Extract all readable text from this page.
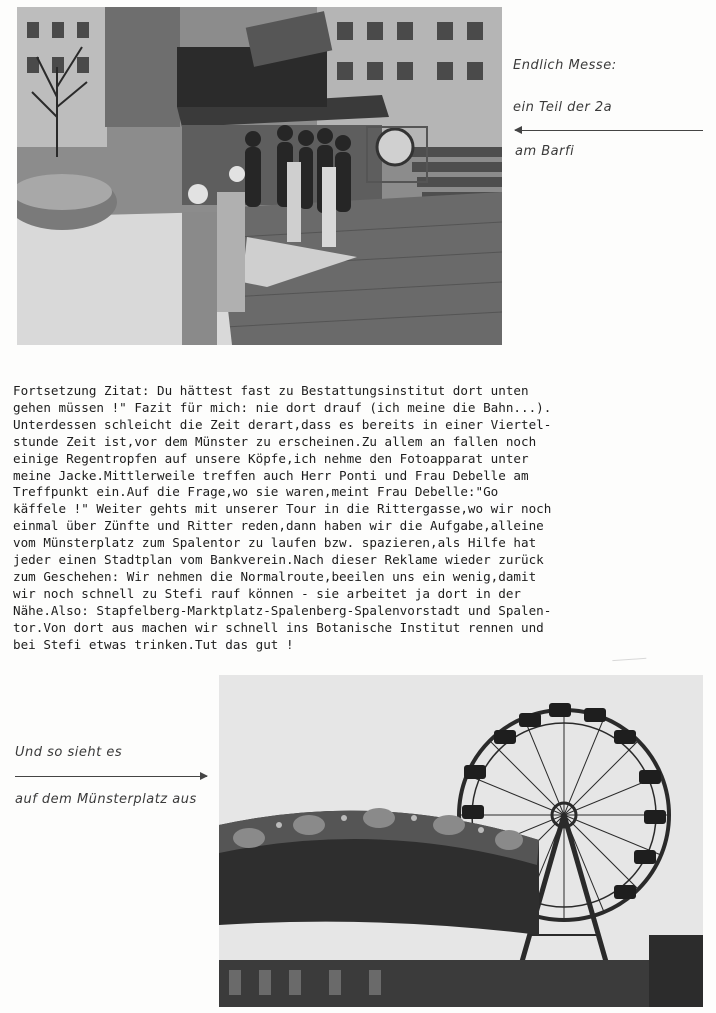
Endlich Messe:
ein Teil der 2a
am Barfi
Fortsetzung Zitat: Du hättest fast zu Bestattungsinstitut dort unten
gehen müssen !" Fazit für mich: nie dort drauf (ich meine die Bahn...).
Unterdessen schleicht die Zeit derart,dass es bereits in einer Viertel-
stunde Zeit ist,vor dem Münster zu erscheinen.Zu allem an fallen noch
einige Regentropfen auf unsere Köpfe,ich nehme den Fotoapparat unter
meine Jacke.Mittlerweile treffen auch Herr Ponti und Frau Debelle am
Treffpunkt ein.Auf die Frage,wo sie waren,meint Frau Debelle:"Go
käffele !" Weiter gehts mit unserer Tour in die Rittergasse,wo wir noch
einmal über Zünfte und Ritter reden,dann haben wir die Aufgabe,alleine
vom Münsterplatz zum Spalentor zu laufen bzw. spazieren,als Hilfe hat
jeder einen Stadtplan vom Bankverein.Nach dieser Reklame wieder zurück
zum Geschehen: Wir nehmen die Normalroute,beeilen uns ein wenig,damit
wir noch schnell zu Stefi rauf können - sie arbeitet ja dort in der
Nähe.Also: Stapfelberg-Marktplatz-Spalenberg-Spalenvorstadt und Spalen-
tor.Von dort aus machen wir schnell ins Botanische Institut rennen und
bei Stefi etwas trinken.Tut das gut !
Und so sieht es
auf dem Münsterplatz aus
